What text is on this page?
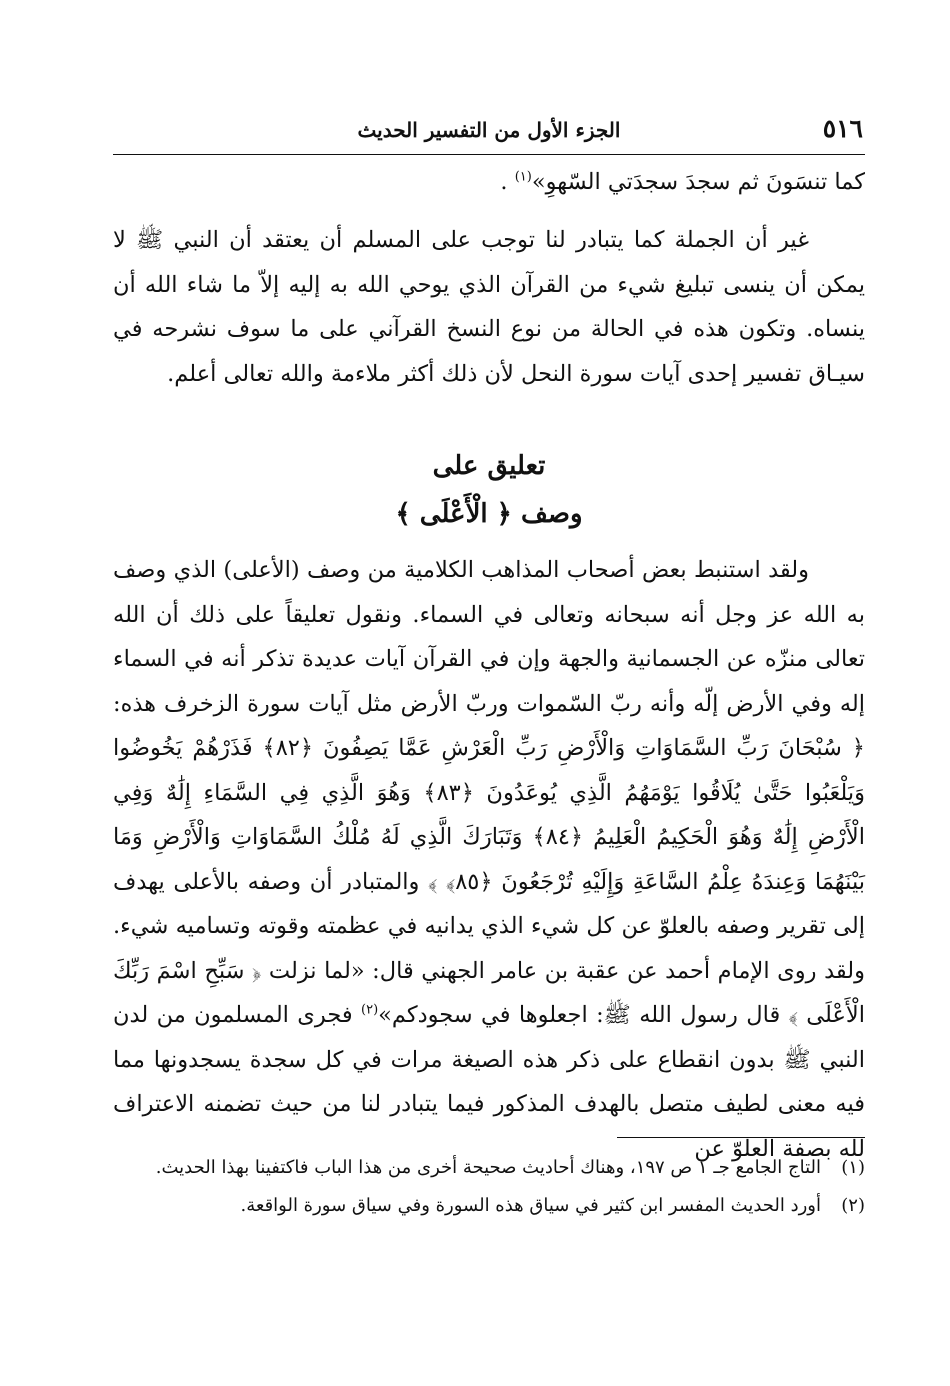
٥١٦
الجزء الأول من التفسير الحديث

كما تنسَونَ ثم سجدَ سجدَتي السّهوِ»$^{(١)}$ .

غير أن الجملة كما يتبادر لنا توجب على المسلم أن يعتقد أن النبي ﷺ لا يمكن أن ينسى تبليغ شيء من القرآن الذي يوحي الله به إليه إلاّ ما شاء الله أن ينساه. وتكون هذه في الحالة من نوع النسخ القرآني على ما سوف نشرحه في سيـاق تفسير إحدى آيات سورة النحل لأن ذلك أكثر ملاءمة والله تعالى أعلم.

تعليق على
وصف ﴿ الْأَعْلَى ﴾

ولقد استنبط بعض أصحاب المذاهب الكلامية من وصف (الأعلى) الذي وصف به الله عز وجل أنه سبحانه وتعالى في السماء. ونقول تعليقاً على ذلك أن الله تعالى منزّه عن الجسمانية والجهة وإن في القرآن آيات عديدة تذكر أنه في السماء إله وفي الأرض إلّه وأنه ربّ السّموات وربّ الأرض مثل آيات سورة الزخرف هذه: ﴿ سُبْحَانَ رَبِّ السَّمَاوَاتِ وَالْأَرْضِ رَبِّ الْعَرْشِ عَمَّا يَصِفُونَ ﴿٨٢﴾ فَذَرْهُمْ يَخُوضُوا وَيَلْعَبُوا حَتَّىٰ يُلَاقُوا يَوْمَهُمُ الَّذِي يُوعَدُونَ ﴿٨٣﴾ وَهُوَ الَّذِي فِي السَّمَاءِ إِلَٰهٌ وَفِي الْأَرْضِ إِلَٰهٌ وَهُوَ الْحَكِيمُ الْعَلِيمُ ﴿٨٤﴾ وَتَبَارَكَ الَّذِي لَهُ مُلْكُ السَّمَاوَاتِ وَالْأَرْضِ وَمَا بَيْنَهُمَا وَعِندَهُ عِلْمُ السَّاعَةِ وَإِلَيْهِ تُرْجَعُونَ ﴿٨٥﴾ ﴾ والمتبادر أن وصفه بالأعلى يهدف إلى تقرير وصفه بالعلوّ عن كل شيء الذي يدانيه في عظمته وقوته وتساميه شيء. ولقد روى الإمام أحمد عن عقبة بن عامر الجهني قال: «لما نزلت ﴿ سَبِّحِ اسْمَ رَبِّكَ الْأَعْلَى ﴾ قال رسول الله ﷺ: اجعلوها في سجودكم»$^{(٢)}$ فجرى المسلمون من لدن النبي ﷺ بدون انقطاع على ذكر هذه الصيغة مرات في كل سجدة يسجدونها مما فيه معنى لطيف متصل بالهدف المذكور فيما يتبادر لنا من حيث تضمنه الاعتراف لله بصفة العلوّ عن

(١)
التاج الجامع جـ ١ ص ١٩٧، وهناك أحاديث صحيحة أخرى من هذا الباب فاكتفينا بهذا الحديث.

(٢)
أورد الحديث المفسر ابن كثير في سياق هذه السورة وفي سياق سورة الواقعة.
